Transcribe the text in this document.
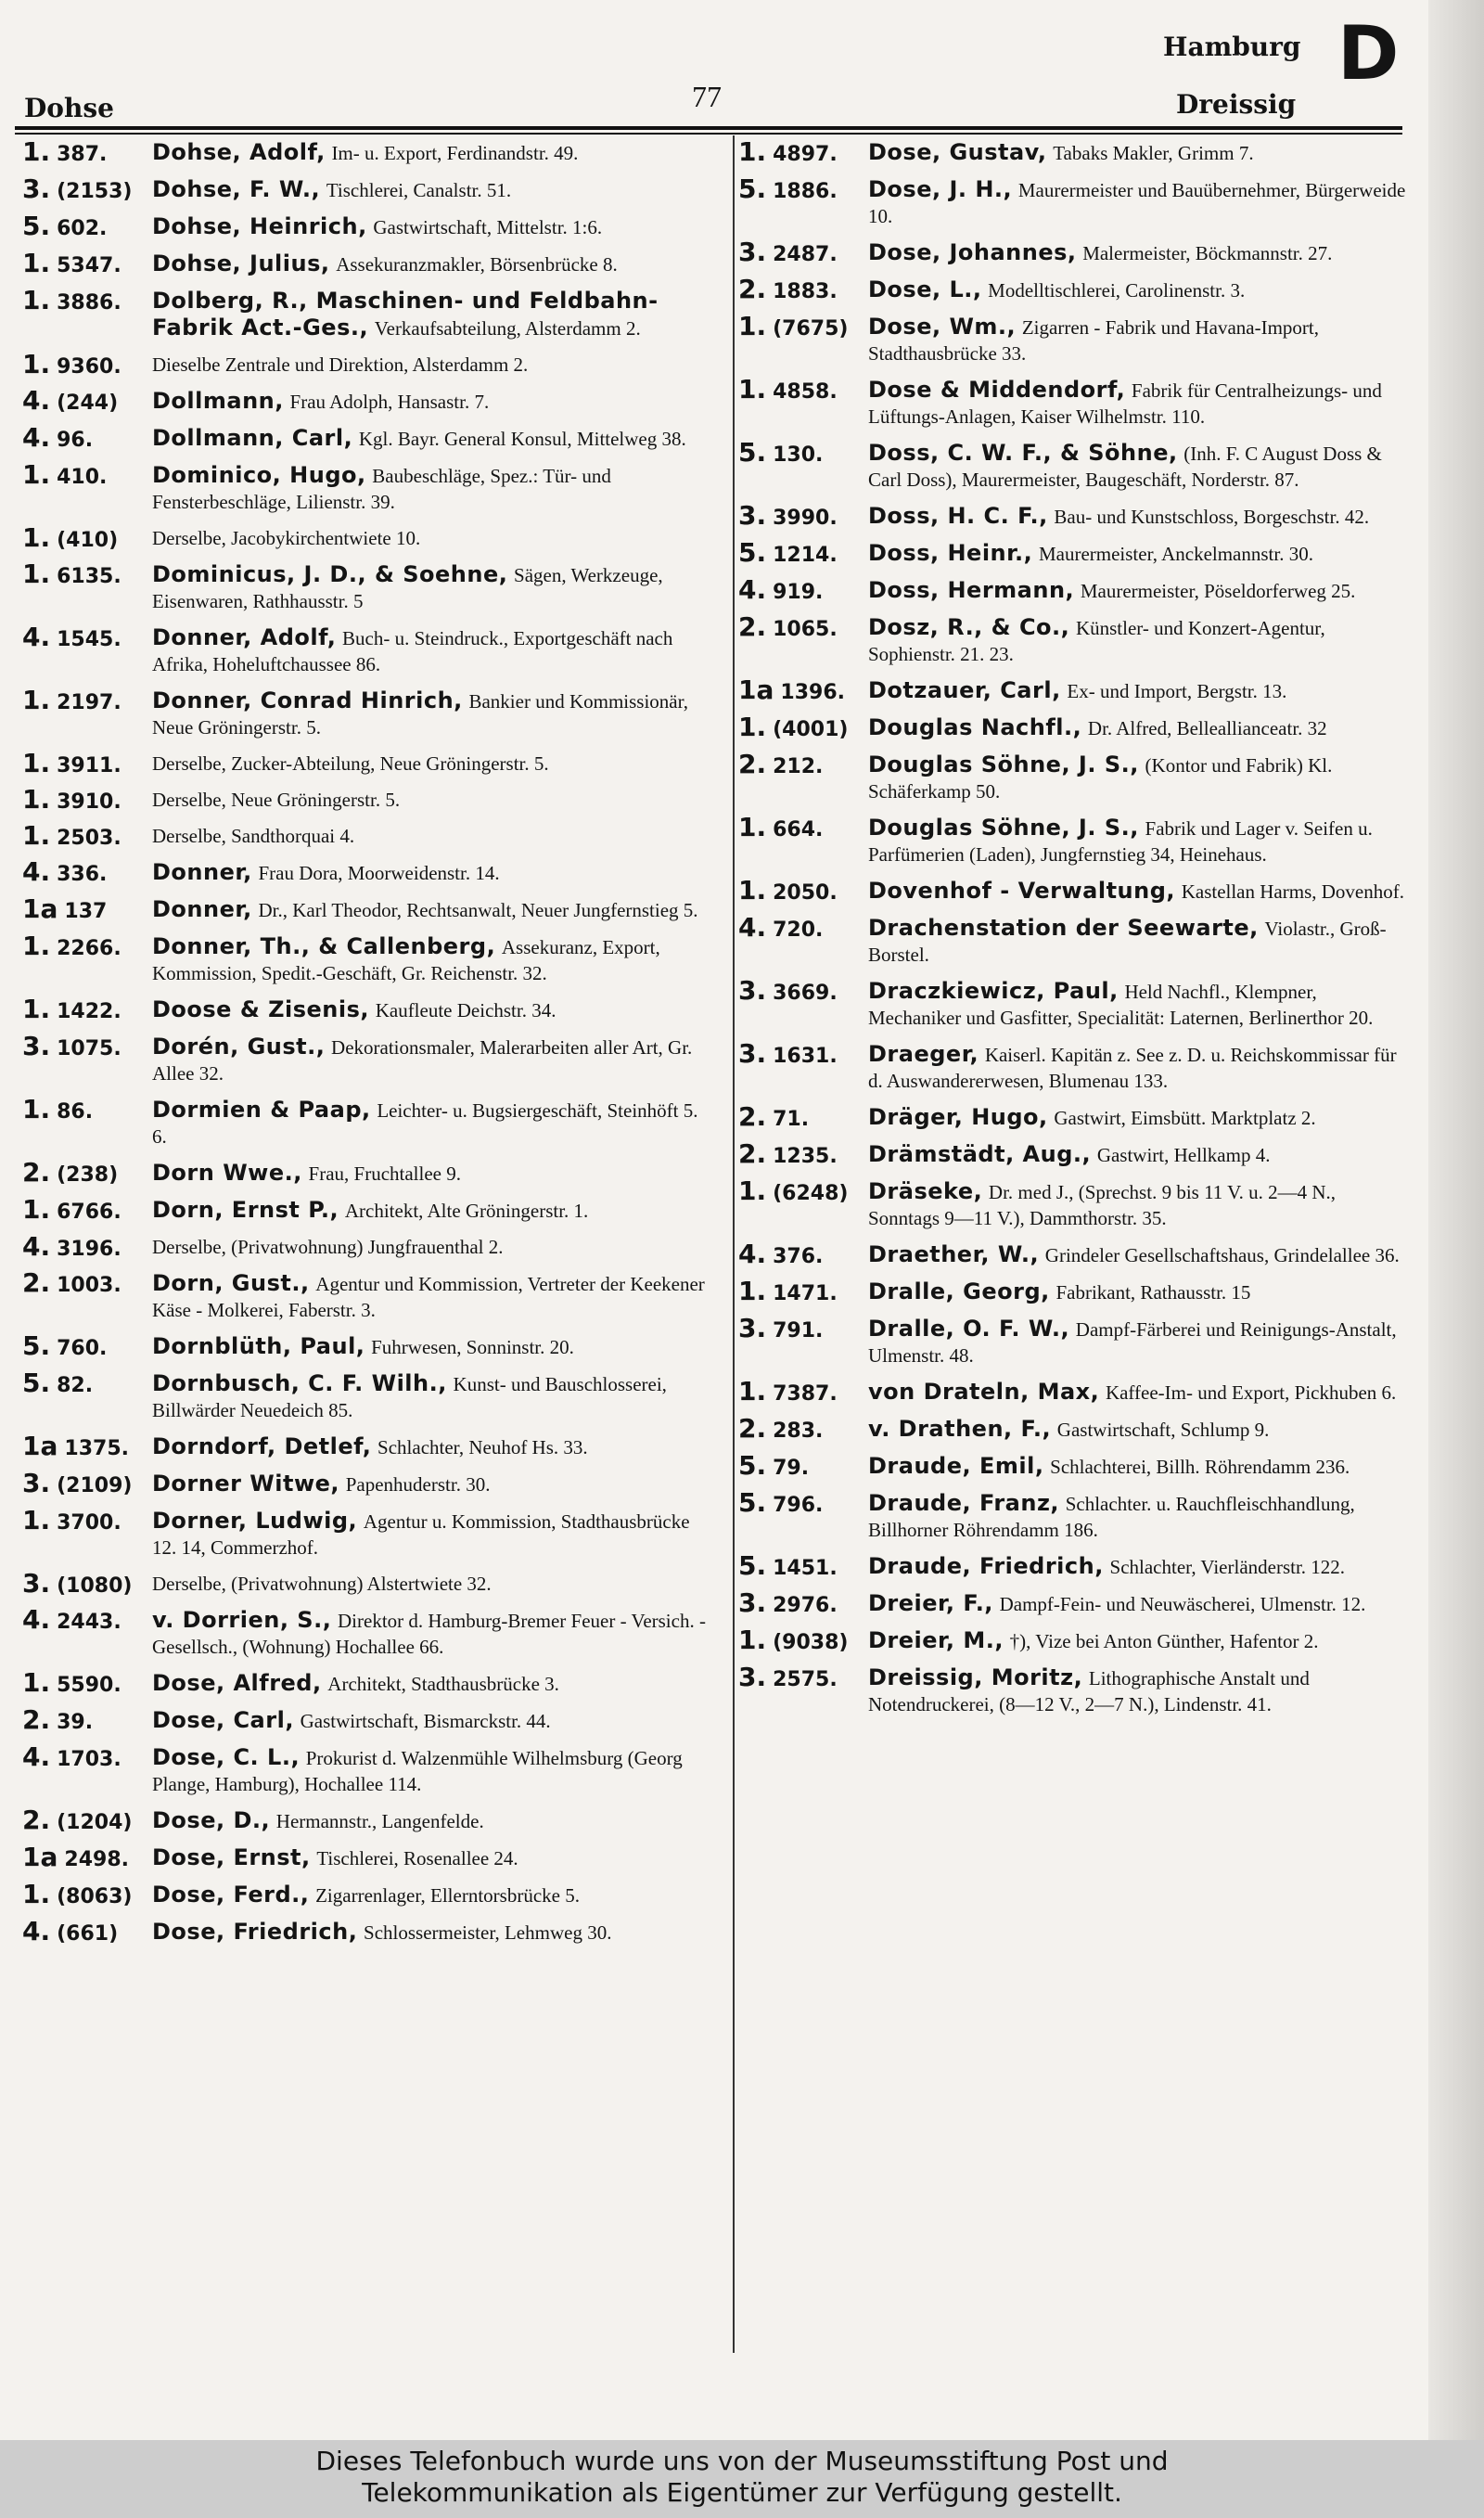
Dohse	77
Hamburg
Dreissig
D
1. 387.	Dohse, Adolf, Im- u. Export, Ferdinandstr. 49.
3. (2153) Dohse, F. W., Tischlerei, Canalstr. 51.
5. 602.	Dohse, Heinrich, Gastwirtschaft, Mittelstr. 1:6.
1. 5347.	Dohse, Julius, Assekuranzmakler, Börsenbrücke 8.
1. 3886.	Dolberg, R., Maschinen- und Feldbahn-Fabrik Act.-Ges., Verkaufsabteilung, Alsterdamm 2.
1. 9360.	Dieselbe Zentrale und Direktion, Alsterdamm 2.
4. (244)	Dollmann, Frau Adolph, Hansastr. 7.
4. 96.	Dollmann, Carl, Kgl. Bayr. General Konsul, Mittelweg 38.
1. 410.	Dominico, Hugo, Baubeschläge, Spez.: Tür- und Fensterbeschläge, Lilienstr. 39.
1. (410)	Derselbe, Jacobykirchentwiete 10.
1. 6135.	Dominicus, J. D., & Soehne, Sägen, Werkzeuge, Eisenwaren, Rathhausstr. 5
4. 1545.	Donner, Adolf, Buch- u. Steindruck., Exportgeschäft nach Afrika, Hoheluftchaussee 86.
1. 2197.	Donner, Conrad Hinrich, Bankier und Kommissionär, Neue Gröningerstr. 5.
1. 3911.	Derselbe, Zucker-Abteilung, Neue Gröningerstr. 5.
1. 3910.	Derselbe, Neue Gröningerstr. 5.
1. 2503.	Derselbe, Sandthorquai 4.
4. 336.	Donner, Frau Dora, Moorweidenstr. 14.
1a 137	Donner, Dr., Karl Theodor, Rechtsanwalt, Neuer Jungfernstieg 5.
1. 2266.	Donner, Th., & Callenberg, Assekuranz, Export, Kommission, Spedit.-Geschäft, Gr. Reichenstr. 32.
1. 1422.	Doose & Zisenis, Kaufleute Deichstr. 34.
3. 1075.	Dorén, Gust., Dekorationsmaler, Malerarbeiten aller Art, Gr. Allee 32.
1. 86.	Dormien & Paap, Leichter- u. Bugsiergeschäft, Steinhöft 5. 6.
2. (238)	Dorn Wwe., Frau, Fruchtallee 9.
1. 6766.	Dorn, Ernst P., Architekt, Alte Gröningerstr. 1.
4. 3196.	Derselbe, (Privatwohnung) Jungfrauenthal 2.
2. 1003.	Dorn, Gust., Agentur und Kommission, Vertreter der Keekener Käse - Molkerei, Faberstr. 3.
5. 760.	Dornblüth, Paul, Fuhrwesen, Sonninstr. 20.
5. 82.	Dornbusch, C. F. Wilh., Kunst- und Bauschlosserei, Billwärder Neuedeich 85.
1a 1375.	Dorndorf, Detlef, Schlachter, Neuhof Hs. 33.
3. (2109) Dorner Witwe, Papenhuderstr. 30.
1. 3700.	Dorner, Ludwig, Agentur u. Kommission, Stadthausbrücke 12. 14, Commerzhof.
3. (1080)	Derselbe, (Privatwohnung) Alstertwiete 32.
4. 2443.	v. Dorrien, S., Direktor d. Hamburg-Bremer Feuer - Versich. - Gesellsch., (Wohnung) Hochallee 66.
1. 5590.	Dose, Alfred, Architekt, Stadthausbrücke 3.
2. 39.	Dose, Carl, Gastwirtschaft, Bismarckstr. 44.
4. 1703.	Dose, C. L., Prokurist d. Walzenmühle Wilhelmsburg (Georg Plange, Hamburg), Hochallee 114.
2. (1204) Dose, D., Hermannstr., Langenfelde.
1a 2498.	Dose, Ernst, Tischlerei, Rosenallee 24.
1. (8063) Dose, Ferd., Zigarrenlager, Ellerntorsbrücke 5.
4. (661)	Dose, Friedrich, Schlossermeister, Lehmweg 30.
1. 4897.	Dose, Gustav, Tabaks Makler, Grimm 7.
5. 1886.	Dose, J. H., Maurermeister und Bauübernehmer, Bürgerweide 10.
3. 2487.	Dose, Johannes, Malermeister, Böckmannstr. 27.
2. 1883.	Dose, L., Modelltischlerei, Carolinenstr. 3.
1. (7675) Dose, Wm., Zigarren - Fabrik und Havana-Import, Stadthausbrücke 33.
1. 4858.	Dose & Middendorf, Fabrik für Centralheizungs- und Lüftungs-Anlagen, Kaiser Wilhelmstr. 110.
5. 130.	Doss, C. W. F., & Söhne, (Inh. F. C August Doss & Carl Doss), Maurermeister, Baugeschäft, Norderstr. 87.
3. 3990.	Doss, H. C. F., Bau- und Kunstschloss, Borgeschstr. 42.
5. 1214.	Doss, Heinr., Maurermeister, Anckelmannstr. 30.
4. 919.	Doss, Hermann, Maurermeister, Pöseldorferweg 25.
2. 1065.	Dosz, R., & Co., Künstler- und Konzert-Agentur, Sophienstr. 21. 23.
1a 1396.	Dotzauer, Carl, Ex- und Import, Bergstr. 13.
1. (4001) Douglas Nachfl., Dr. Alfred, Belleallianceatr. 32
2. 212.	Douglas Söhne, J. S., (Kontor und Fabrik) Kl. Schäferkamp 50.
1. 664.	Douglas Söhne, J. S., Fabrik und Lager v. Seifen u. Parfümerien (Laden), Jungfernstieg 34, Heinehaus.
1. 2050.	Dovenhof - Verwaltung, Kastellan Harms, Dovenhof.
4. 720.	Drachenstation der Seewarte, Violastr., Groß-Borstel.
3. 3669.	Draczkiewicz, Paul, Held Nachfl., Klempner, Mechaniker und Gasfitter, Specialität: Laternen, Berlinerthor 20.
3. 1631.	Draeger, Kaiserl. Kapitän z. See z. D. u. Reichskommissar für d. Auswandererwesen, Blumenau 133.
2. 71.	Dräger, Hugo, Gastwirt, Eimsbütt. Marktplatz 2.
2. 1235.	Drämstädt, Aug., Gastwirt, Hellkamp 4.
1. (6248) Dräseke, Dr. med J., (Sprechst. 9 bis 11 V. u. 2—4 N., Sonntags 9—11 V.), Dammthorstr. 35.
4. 376.	Draether, W., Grindeler Gesellschaftshaus, Grindelallee 36.
1. 1471.	Dralle, Georg, Fabrikant, Rathausstr. 15
3. 791.	Dralle, O. F. W., Dampf-Färberei und Reinigungs-Anstalt, Ulmenstr. 48.
1. 7387.	von Drateln, Max, Kaffee-Im- und Export, Pickhuben 6.
2. 283.	v. Drathen, F., Gastwirtschaft, Schlump 9.
5. 79.	Draude, Emil, Schlachterei, Billh. Röhrendamm 236.
5. 796.	Draude, Franz, Schlachter. u. Rauchfleischhandlung, Billhorner Röhrendamm 186.
5. 1451.	Draude, Friedrich, Schlachter, Vierländerstr. 122.
3. 2976.	Dreier, F., Dampf-Fein- und Neuwäscherei, Ulmenstr. 12.
1. (9038) Dreier, M., †), Vize bei Anton Günther, Hafentor 2.
3. 2575.	Dreissig, Moritz, Lithographische Anstalt und Notendruckerei, (8—12 V., 2—7 N.), Lindenstr. 41.
Dieses Telefonbuch wurde uns von der Museumsstiftung Post und
Telekommunikation als Eigentümer zur Verfügung gestellt.
